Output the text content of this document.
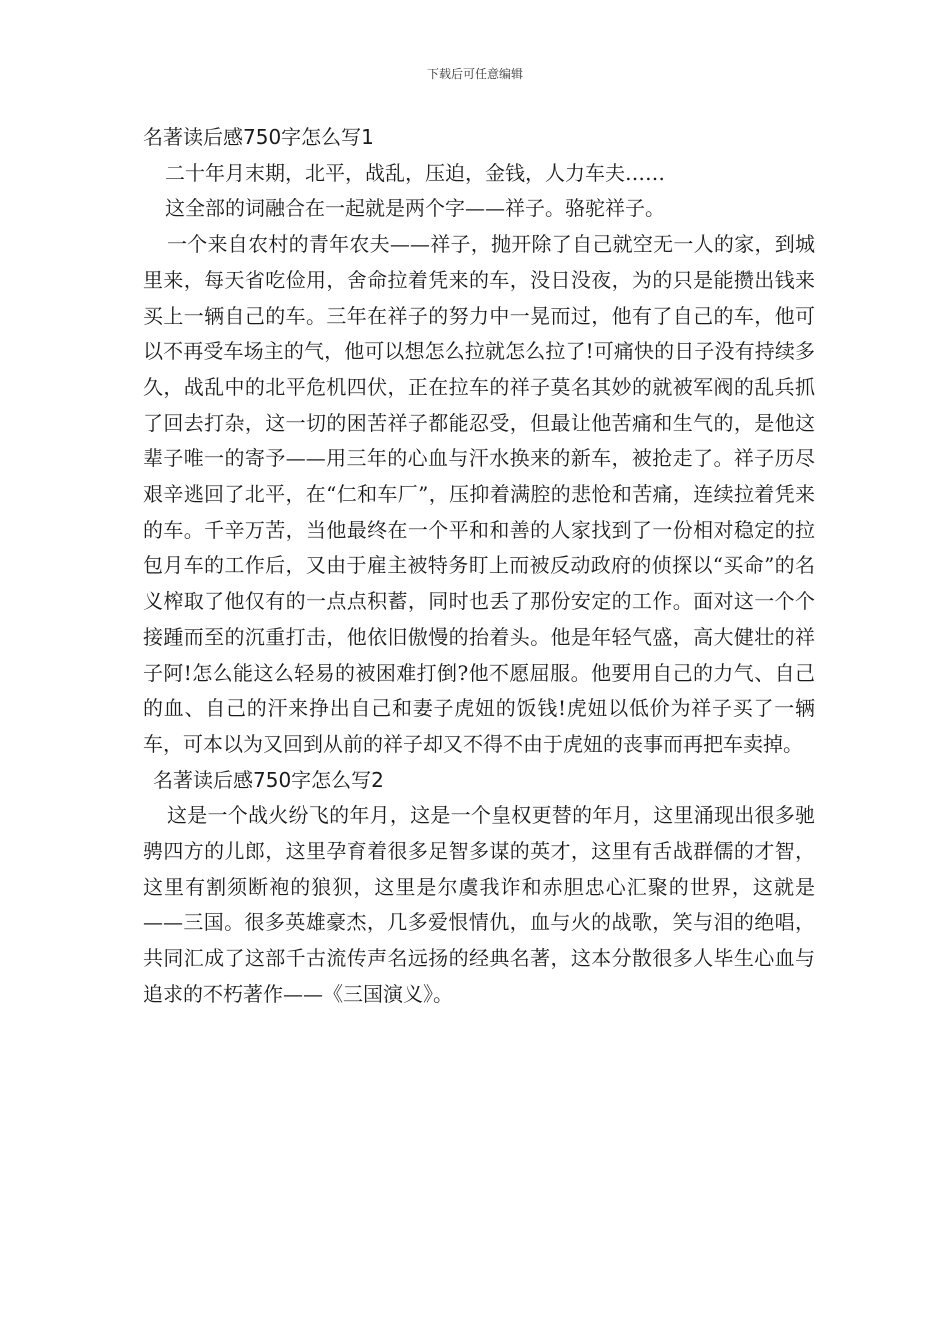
下载后可任意编辑
名著读后感750字怎么写1

二十年月末期，北平，战乱，压迫，金钱，人力车夫……

这全部的词融合在一起就是两个字——祥子。骆驼祥子。

一个来自农村的青年农夫——祥子，抛开除了自己就空无一人的家，到城里来，每天省吃俭用，舍命拉着凭来的车，没日没夜，为的只是能攒出钱来买上一辆自己的车。三年在祥子的努力中一晃而过，他有了自己的车，他可以不再受车场主的气，他可以想怎么拉就怎么拉了!可痛快的日子没有持续多久，战乱中的北平危机四伏，正在拉车的祥子莫名其妙的就被军阀的乱兵抓了回去打杂，这一切的困苦祥子都能忍受，但最让他苦痛和生气的，是他这辈子唯一的寄予——用三年的心血与汗水换来的新车，被抢走了。祥子历尽艰辛逃回了北平，在“仁和车厂”，压抑着满腔的悲怆和苦痛，连续拉着凭来的车。千辛万苦，当他最终在一个平和和善的人家找到了一份相对稳定的拉包月车的工作后，又由于雇主被特务盯上而被反动政府的侦探以“买命”的名义榨取了他仅有的一点点积蓄，同时也丢了那份安定的工作。面对这一个个接踵而至的沉重打击，他依旧傲慢的抬着头。他是年轻气盛，高大健壮的祥子阿!怎么能这么轻易的被困难打倒?他不愿屈服。他要用自己的力气、自己的血、自己的汗来挣出自己和妻子虎妞的饭钱!虎妞以低价为祥子买了一辆车，可本以为又回到从前的祥子却又不得不由于虎妞的丧事而再把车卖掉。

名著读后感750字怎么写2

这是一个战火纷飞的年月，这是一个皇权更替的年月，这里涌现出很多驰骋四方的儿郎，这里孕育着很多足智多谋的英才，这里有舌战群儒的才智，这里有割须断袍的狼狈，这里是尔虞我诈和赤胆忠心汇聚的世界，这就是——三国。很多英雄豪杰，几多爱恨情仇，血与火的战歌，笑与泪的绝唱，共同汇成了这部千古流传声名远扬的经典名著，这本分散很多人毕生心血与追求的不朽著作——《三国演义》。
